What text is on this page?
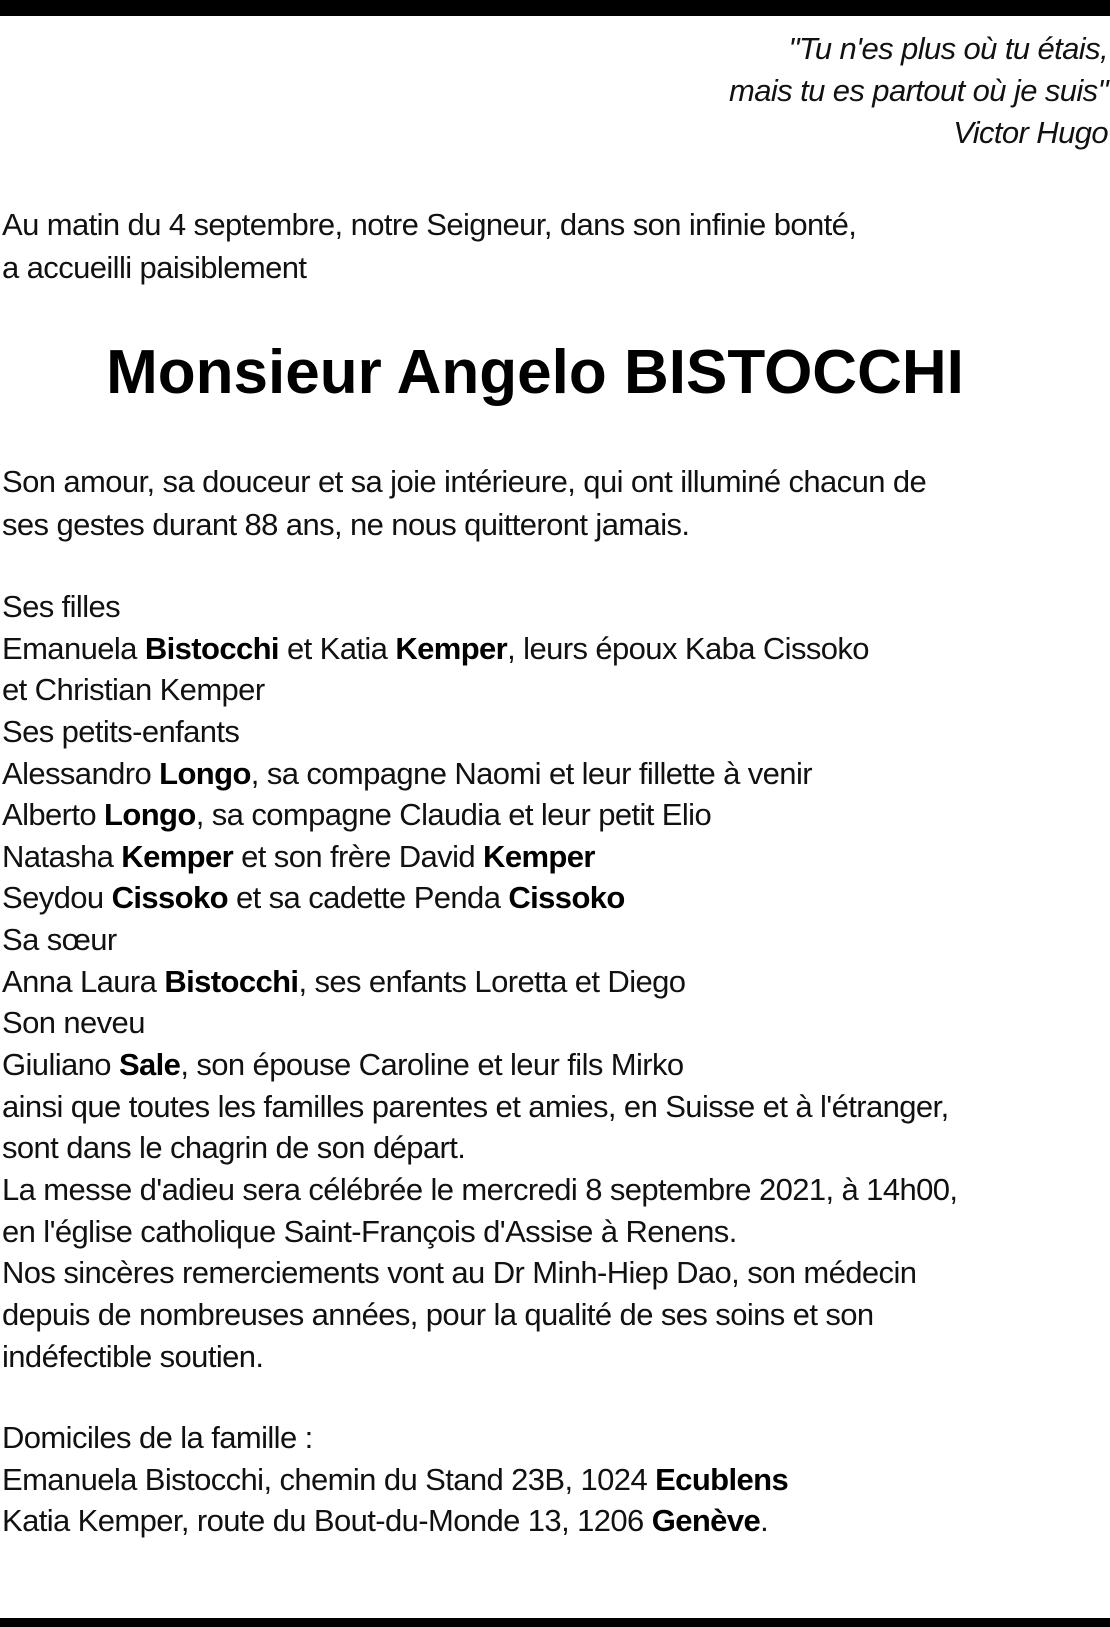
"Tu n'es plus où tu étais,
mais tu es partout où je suis"
Victor Hugo
Au matin du 4 septembre, notre Seigneur, dans son infinie bonté,
a accueilli paisiblement
Monsieur Angelo BISTOCCHI
Son amour, sa douceur et sa joie intérieure, qui ont illuminé chacun de
ses gestes durant 88 ans, ne nous quitteront jamais.
Ses filles
Emanuela Bistocchi et Katia Kemper, leurs époux Kaba Cissoko
et Christian Kemper
Ses petits-enfants
Alessandro Longo, sa compagne Naomi et leur fillette à venir
Alberto Longo, sa compagne Claudia et leur petit Elio
Natasha Kemper et son frère David Kemper
Seydou Cissoko et sa cadette Penda Cissoko
Sa sœur
Anna Laura Bistocchi, ses enfants Loretta et Diego
Son neveu
Giuliano Sale, son épouse Caroline et leur fils Mirko
ainsi que toutes les familles parentes et amies, en Suisse et à l'étranger,
sont dans le chagrin de son départ.
La messe d'adieu sera célébrée le mercredi 8 septembre 2021, à 14h00,
en l'église catholique Saint-François d'Assise à Renens.
Nos sincères remerciements vont au Dr Minh-Hiep Dao, son médecin
depuis de nombreuses années, pour la qualité de ses soins et son
indéfectible soutien.
Domiciles de la famille :
Emanuela Bistocchi, chemin du Stand 23B, 1024 Ecublens
Katia Kemper, route du Bout-du-Monde 13, 1206 Genève.
